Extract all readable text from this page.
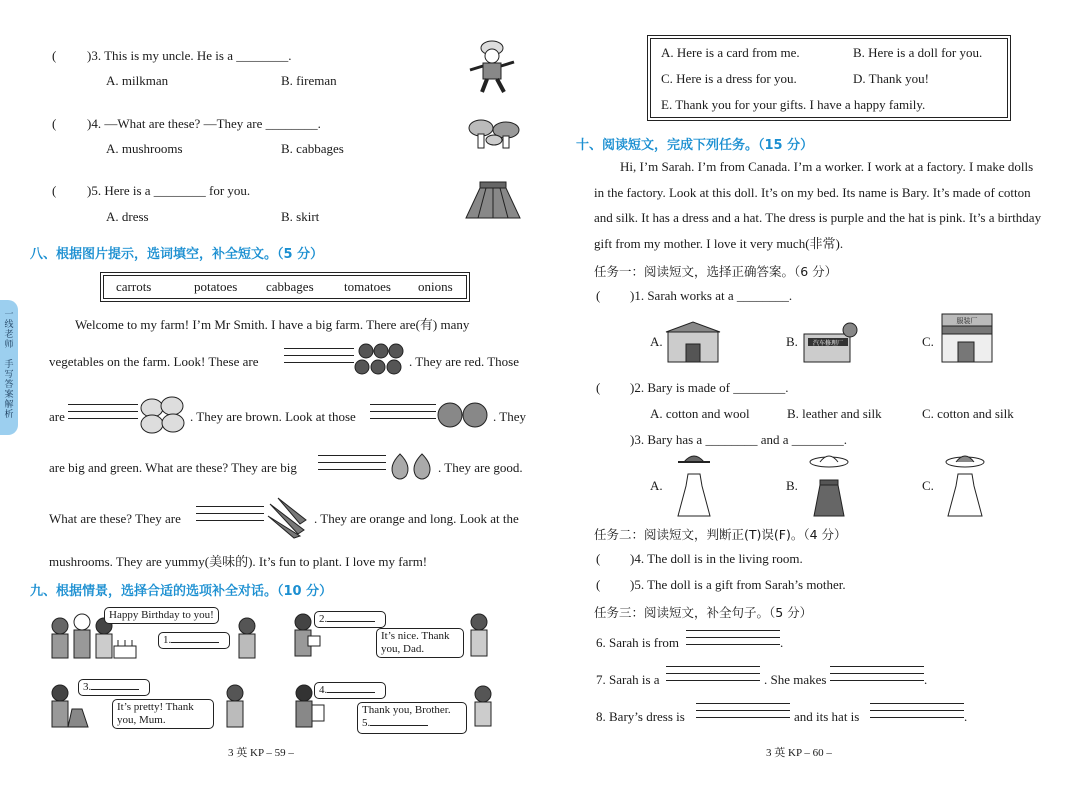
( )3. This is my uncle. He is a ________.
A. milkman	B. fireman
( )4. —What are these? —They are ________.
A. mushrooms	B. cabbages
( )5. Here is a ________ for you.
A. dress	B. skirt
八、根据图片提示，选词填空，补全短文。（5 分）
carrots	potatoes cabbages tomatoes onions
Welcome to my farm! I’m Mr Smith. I have a big farm. There are(有) many
vegetables on the farm. Look! These are	. They are red. Those
are	. They are brown. Look at those	. They
are big and green. What are these? They are big	. They are good.
What are these? They are	. They are orange and long. Look at the
mushrooms. They are yummy(美味的). It’s fun to plant. I love my farm!
九、根据情景，选择合适的选项补全对话。（10 分）
Happy Birthday to you!
1.
2.
It’s nice. Thank you, Dad.
3.
It’s pretty! Thank you, Mum.
4.
Thank you, Brother.
5.
3 英 KP – 59 –
一线老师
手写答案解析
A. Here is a card from me.	B. Here is a doll for you.
C. Here is a dress for you.	D. Thank you!
E. Thank you for your gifts. I have a happy family.
十、阅读短文，完成下列任务。（15 分）
Hi, I’m Sarah. I’m from Canada. I’m a worker. I work at a factory. I make dolls
in the factory. Look at this doll. It’s on my bed. Its name is Bary. It’s made of cotton
and silk. It has a dress and a hat. The dress is purple and the hat is pink. It’s a birthday
gift from my mother. I love it very much(非常).
任务一：阅读短文，选择正确答案。（6 分）
( )1. Sarah works at a ________.
A.	B.	汽车修理厂	C.
服装厂
( )2. Bary is made of ________.
A. cotton and wool	B. leather and silk	C. cotton and silk
)3. Bary has a ________ and a ________.
A.	B.	C.
任务二：阅读短文，判断正(T)误(F)。（4 分）
( )4. The doll is in the living room.
( )5. The doll is a gift from Sarah’s mother.
任务三：阅读短文，补全句子。（5 分）
6. Sarah is from	.
7. Sarah is a	. She makes	.
8. Bary’s dress is	and its hat is	.
3 英 KP – 60 –
